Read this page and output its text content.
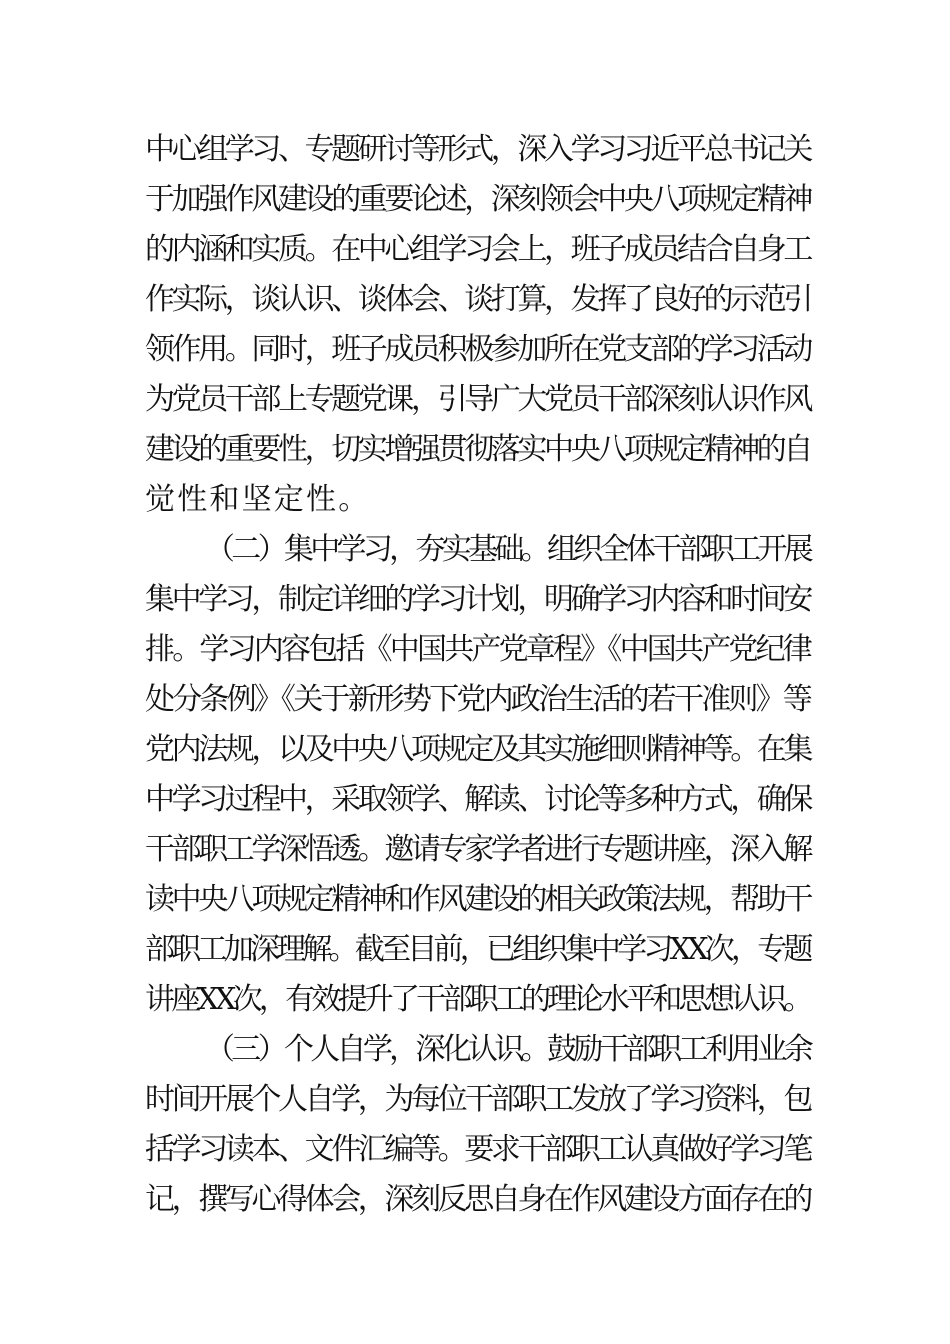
中心组学习、专题研讨等形式，深入学习习近平总书记关
于加强作风建设的重要论述，深刻领会中央八项规定精神
的内涵和实质。在中心组学习会上，班子成员结合自身工
作实际，谈认识、谈体会、谈打算，发挥了良好的示范引
领作用。同时，班子成员积极参加所在党支部的学习活动
为党员干部上专题党课，引导广大党员干部深刻认识作风
建设的重要性，切实增强贯彻落实中央八项规定精神的自
觉性和坚定性。
（二）集中学习，夯实基础。组织全体干部职工开展
集中学习，制定详细的学习计划，明确学习内容和时间安
排。学习内容包括《中国共产党章程》《中国共产党纪律
处分条例》《关于新形势下党内政治生活的若干准则》等
党内法规，以及中央八项规定及其实施细则精神等。在集
中学习过程中，采取领学、解读、讨论等多种方式，确保
干部职工学深悟透。邀请专家学者进行专题讲座，深入解
读中央八项规定精神和作风建设的相关政策法规，帮助干
部职工加深理解。截至目前，已组织集中学习XX次，专题
讲座XX次，有效提升了干部职工的理论水平和思想认识。
（三）个人自学，深化认识。鼓励干部职工利用业余
时间开展个人自学，为每位干部职工发放了学习资料，包
括学习读本、文件汇编等。要求干部职工认真做好学习笔
记，撰写心得体会，深刻反思自身在作风建设方面存在的
